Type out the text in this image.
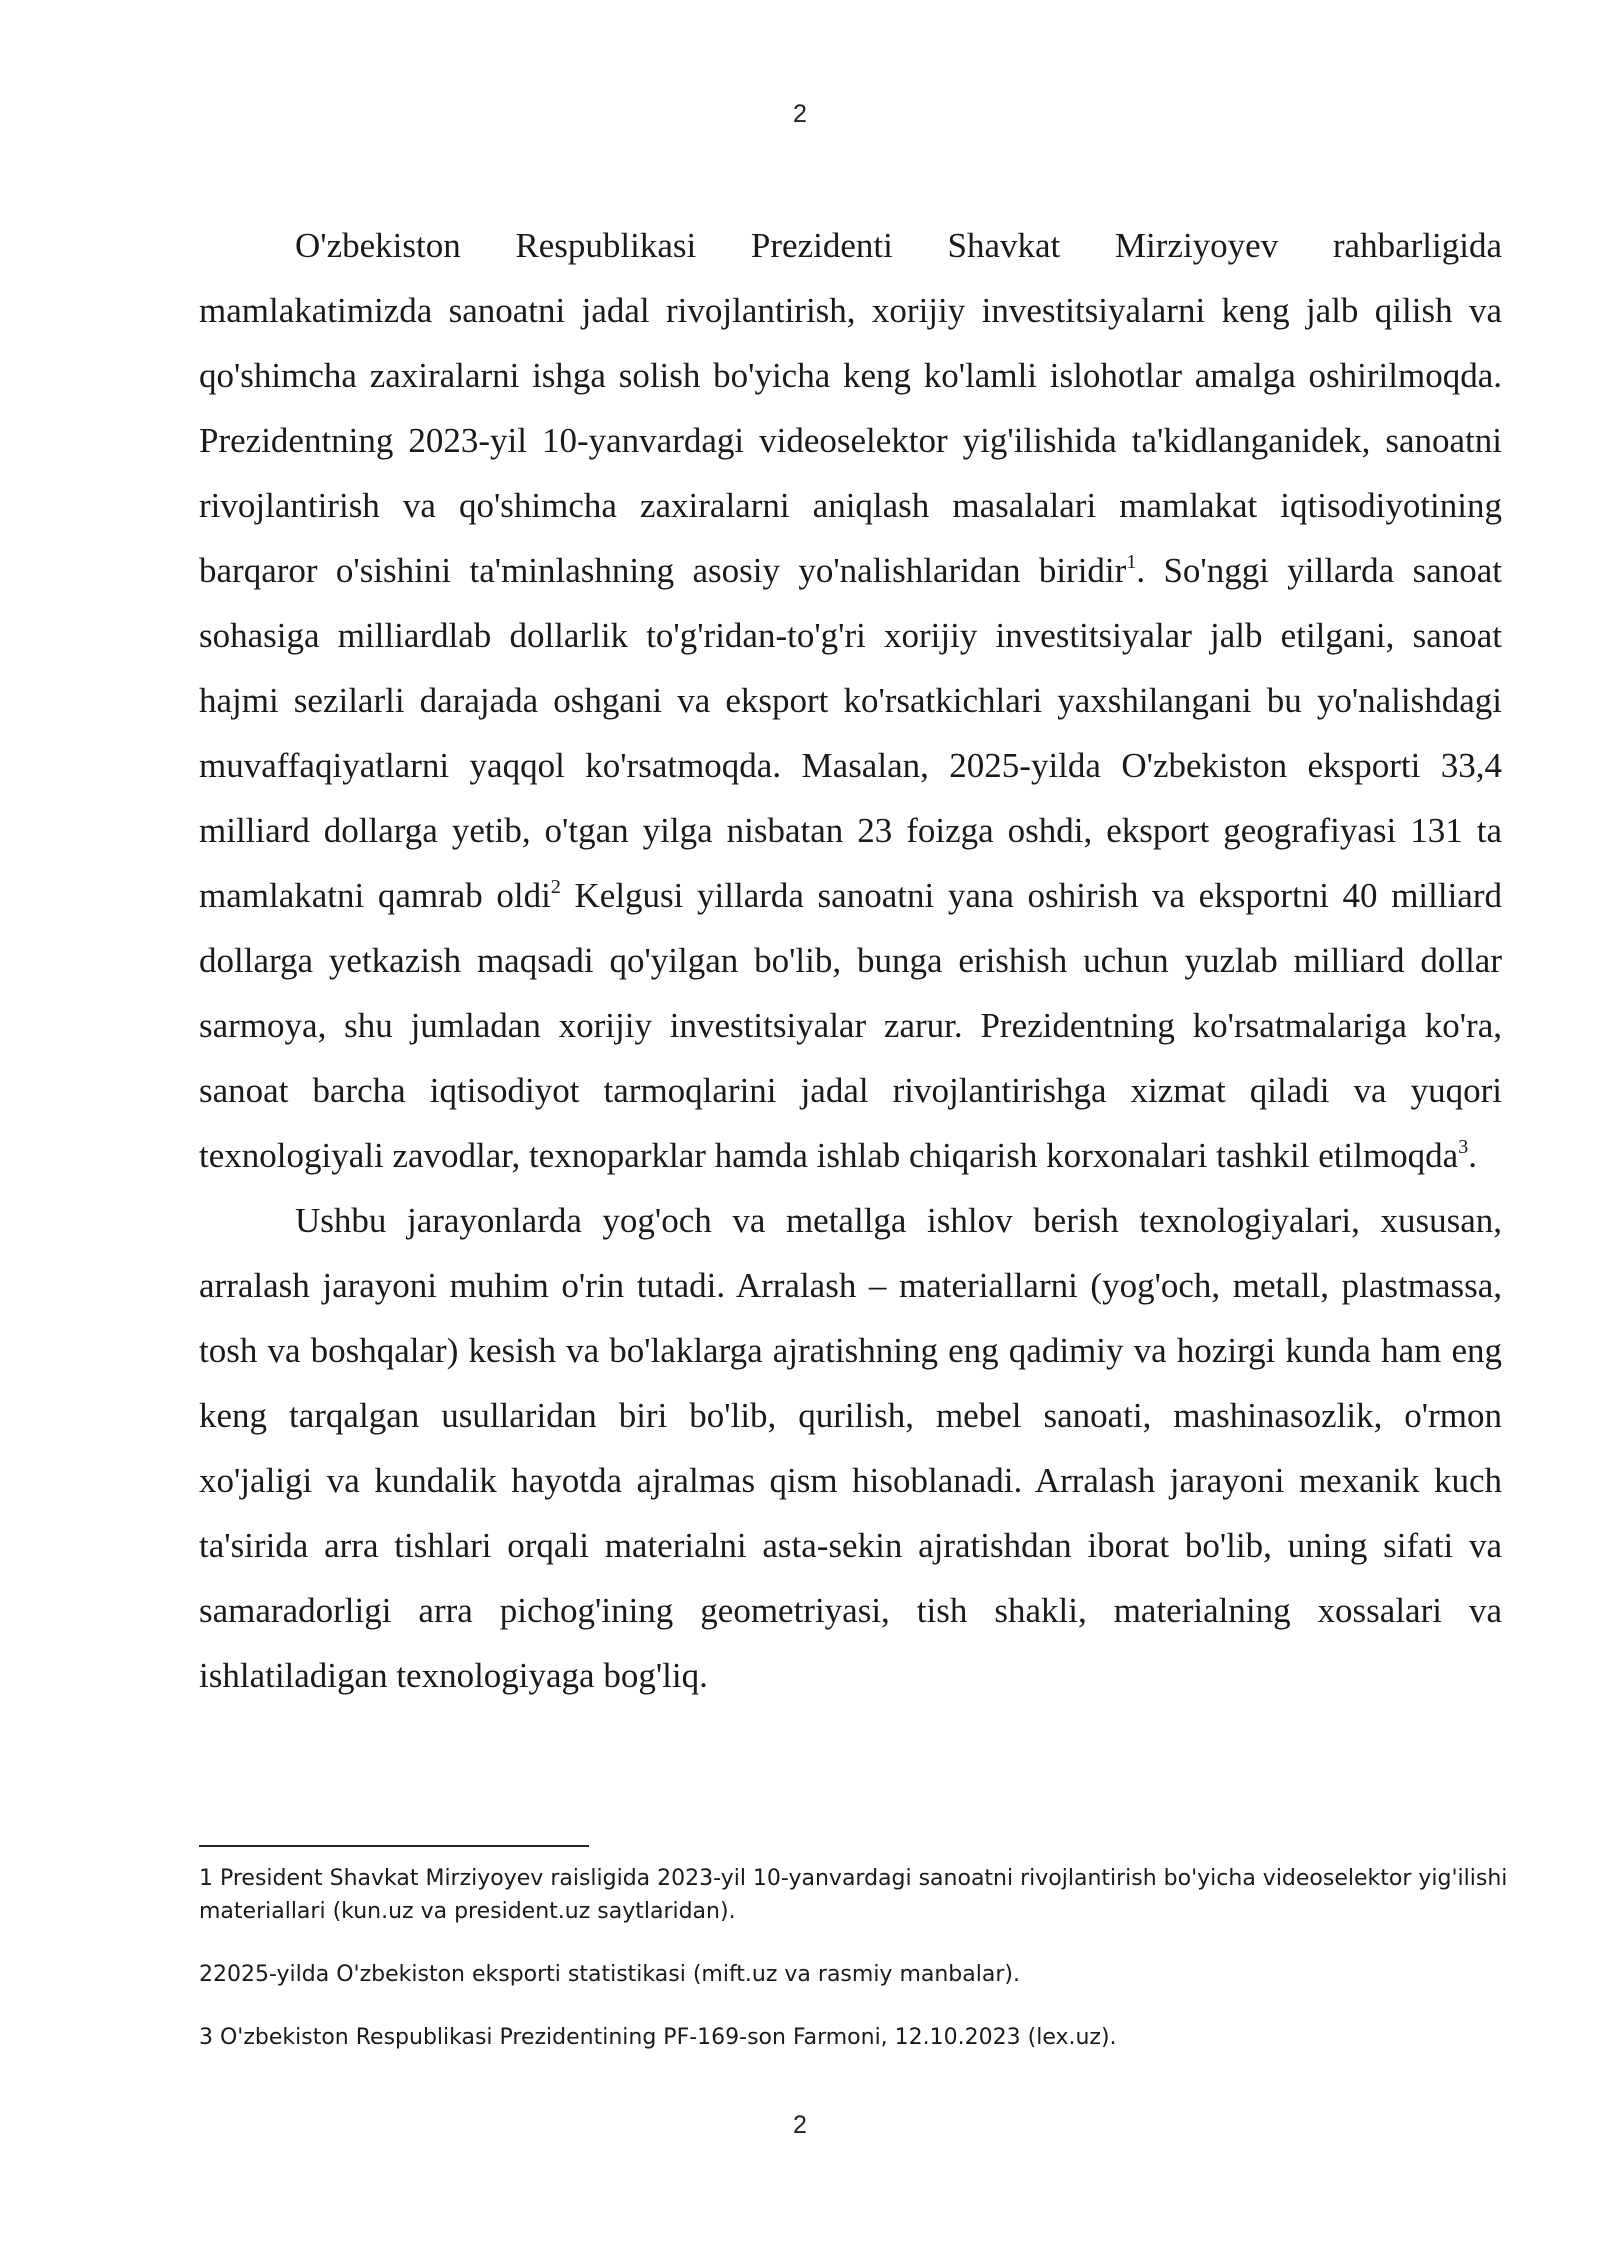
2

O'zbekiston Respublikasi Prezidenti Shavkat Mirziyoyev rahbarligida mamlakatimizda sanoatni jadal rivojlantirish, xorijiy investitsiyalarni keng jalb qilish va qo'shimcha zaxiralarni ishga solish bo'yicha keng ko'lamli islohotlar amalga oshirilmoqda. Prezidentning 2023-yil 10-yanvardagi videoselektor yig'ilishida ta'kidlanganidek, sanoatni rivojlantirish va qo'shimcha zaxiralarni aniqlash masalalari mamlakat iqtisodiyotining barqaror o'sishini ta'minlashning asosiy yo'nalishlaridan biridir$^1$. So'nggi yillarda sanoat sohasiga milliardlab dollarlik to'g'ridan-to'g'ri xorijiy investitsiyalar jalb etilgani, sanoat hajmi sezilarli darajada oshgani va eksport ko'rsatkichlari yaxshilangani bu yo'nalishdagi muvaffaqiyatlarni yaqqol ko'rsatmoqda. Masalan, 2025-yilda O'zbekiston eksporti 33,4 milliard dollarga yetib, o'tgan yilga nisbatan 23 foizga oshdi, eksport geografiyasi 131 ta mamlakatni qamrab oldi$^2$ Kelgusi yillarda sanoatni yana oshirish va eksportni 40 milliard dollarga yetkazish maqsadi qo'yilgan bo'lib, bunga erishish uchun yuzlab milliard dollar sarmoya, shu jumladan xorijiy investitsiyalar zarur. Prezidentning ko'rsatmalariga ko'ra, sanoat barcha iqtisodiyot tarmoqlarini jadal rivojlantirishga xizmat qiladi va yuqori texnologiyali zavodlar, texnoparklar hamda ishlab chiqarish korxonalari tashkil etilmoqda$^3$.

Ushbu jarayonlarda yog'och va metallga ishlov berish texnologiyalari, xususan, arralash jarayoni muhim o'rin tutadi. Arralash – materiallarni (yog'och, metall, plastmassa, tosh va boshqalar) kesish va bo'laklarga ajratishning eng qadimiy va hozirgi kunda ham eng keng tarqalgan usullaridan biri bo'lib, qurilish, mebel sanoati, mashinasozlik, o'rmon xo'jaligi va kundalik hayotda ajralmas qism hisoblanadi. Arralash jarayoni mexanik kuch ta'sirida arra tishlari orqali materialni asta-sekin ajratishdan iborat bo'lib, uning sifati va samaradorligi arra pichog'ining geometriyasi, tish shakli, materialning xossalari va ishlatiladigan texnologiyaga bog'liq.

1 President Shavkat Mirziyoyev raisligida 2023-yil 10-yanvardagi sanoatni rivojlantirish bo'yicha videoselektor yig'ilishi materiallari (kun.uz va president.uz saytlaridan).

22025-yilda O'zbekiston eksporti statistikasi (mift.uz va rasmiy manbalar).

3 O'zbekiston Respublikasi Prezidentining PF-169-son Farmoni, 12.10.2023 (lex.uz).

2
